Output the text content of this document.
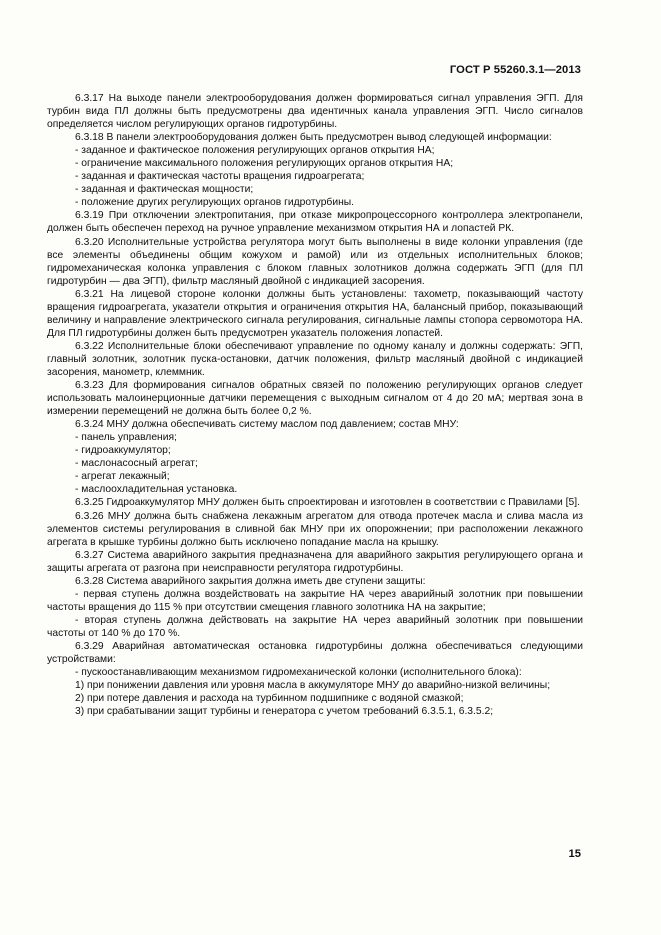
ГОСТ Р 55260.3.1—2013
6.3.17 На выходе панели электрооборудования должен формироваться сигнал управления ЭГП. Для турбин вида ПЛ должны быть предусмотрены два идентичных канала управления ЭГП. Число сигналов определяется числом регулирующих органов гидротурбины.
6.3.18 В панели электрооборудования должен быть предусмотрен вывод следующей информации:
- заданное и фактическое положения регулирующих органов открытия НА;
- ограничение максимального положения регулирующих органов открытия НА;
- заданная и фактическая частоты вращения гидроагрегата;
- заданная и фактическая мощности;
- положение других регулирующих органов гидротурбины.
6.3.19 При отключении электропитания, при отказе микропроцессорного контроллера электропанели, должен быть обеспечен переход на ручное управление механизмом открытия НА и лопастей РК.
6.3.20 Исполнительные устройства регулятора могут быть выполнены в виде колонки управления (где все элементы объединены общим кожухом и рамой) или из отдельных исполнительных блоков; гидромеханическая колонка управления с блоком главных золотников должна содержать ЭГП (для ПЛ гидротурбин — два ЭГП), фильтр масляный двойной с индикацией засорения.
6.3.21 На лицевой стороне колонки должны быть установлены: тахометр, показывающий частоту вращения гидроагрегата, указатели открытия и ограничения открытия НА, балансный прибор, показывающий величину и направление электрического сигнала регулирования, сигнальные лампы стопора сервомотора НА. Для ПЛ гидротурбины должен быть предусмотрен указатель положения лопастей.
6.3.22 Исполнительные блоки обеспечивают управление по одному каналу и должны содержать: ЭГП, главный золотник, золотник пуска-остановки, датчик положения, фильтр масляный двойной с индикацией засорения, манометр, клеммник.
6.3.23 Для формирования сигналов обратных связей по положению регулирующих органов следует использовать малоинерционные датчики перемещения с выходным сигналом от 4 до 20 мА; мертвая зона в измерении перемещений не должна быть более 0,2 %.
6.3.24 МНУ должна обеспечивать систему маслом под давлением; состав МНУ:
- панель управления;
- гидроаккумулятор;
- маслонасосный агрегат;
- агрегат лекажный;
- маслоохладительная установка.
6.3.25 Гидроаккумулятор МНУ должен быть спроектирован и изготовлен в соответствии с Правилами [5].
6.3.26 МНУ должна быть снабжена лекажным агрегатом для отвода протечек масла и слива масла из элементов системы регулирования в сливной бак МНУ при их опорожнении; при расположении лекажного агрегата в крышке турбины должно быть исключено попадание масла на крышку.
6.3.27 Система аварийного закрытия предназначена для аварийного закрытия регулирующего органа и защиты агрегата от разгона при неисправности регулятора гидротурбины.
6.3.28 Система аварийного закрытия должна иметь две ступени защиты:
- первая ступень должна воздействовать на закрытие НА через аварийный золотник при повышении частоты вращения до 115 % при отсутствии смещения главного золотника НА на закрытие;
- вторая ступень должна действовать на закрытие НА через аварийный золотник при повышении частоты от 140 % до 170 %.
6.3.29 Аварийная автоматическая остановка гидротурбины должна обеспечиваться следующими устройствами:
- пускоостанавливающим механизмом гидромеханической колонки (исполнительного блока):
1) при понижении давления или уровня масла в аккумуляторе МНУ до аварийно-низкой величины;
2) при потере давления и расхода на турбинном подшипнике с водяной смазкой;
3) при срабатывании защит турбины и генератора с учетом требований 6.3.5.1, 6.3.5.2;
15
